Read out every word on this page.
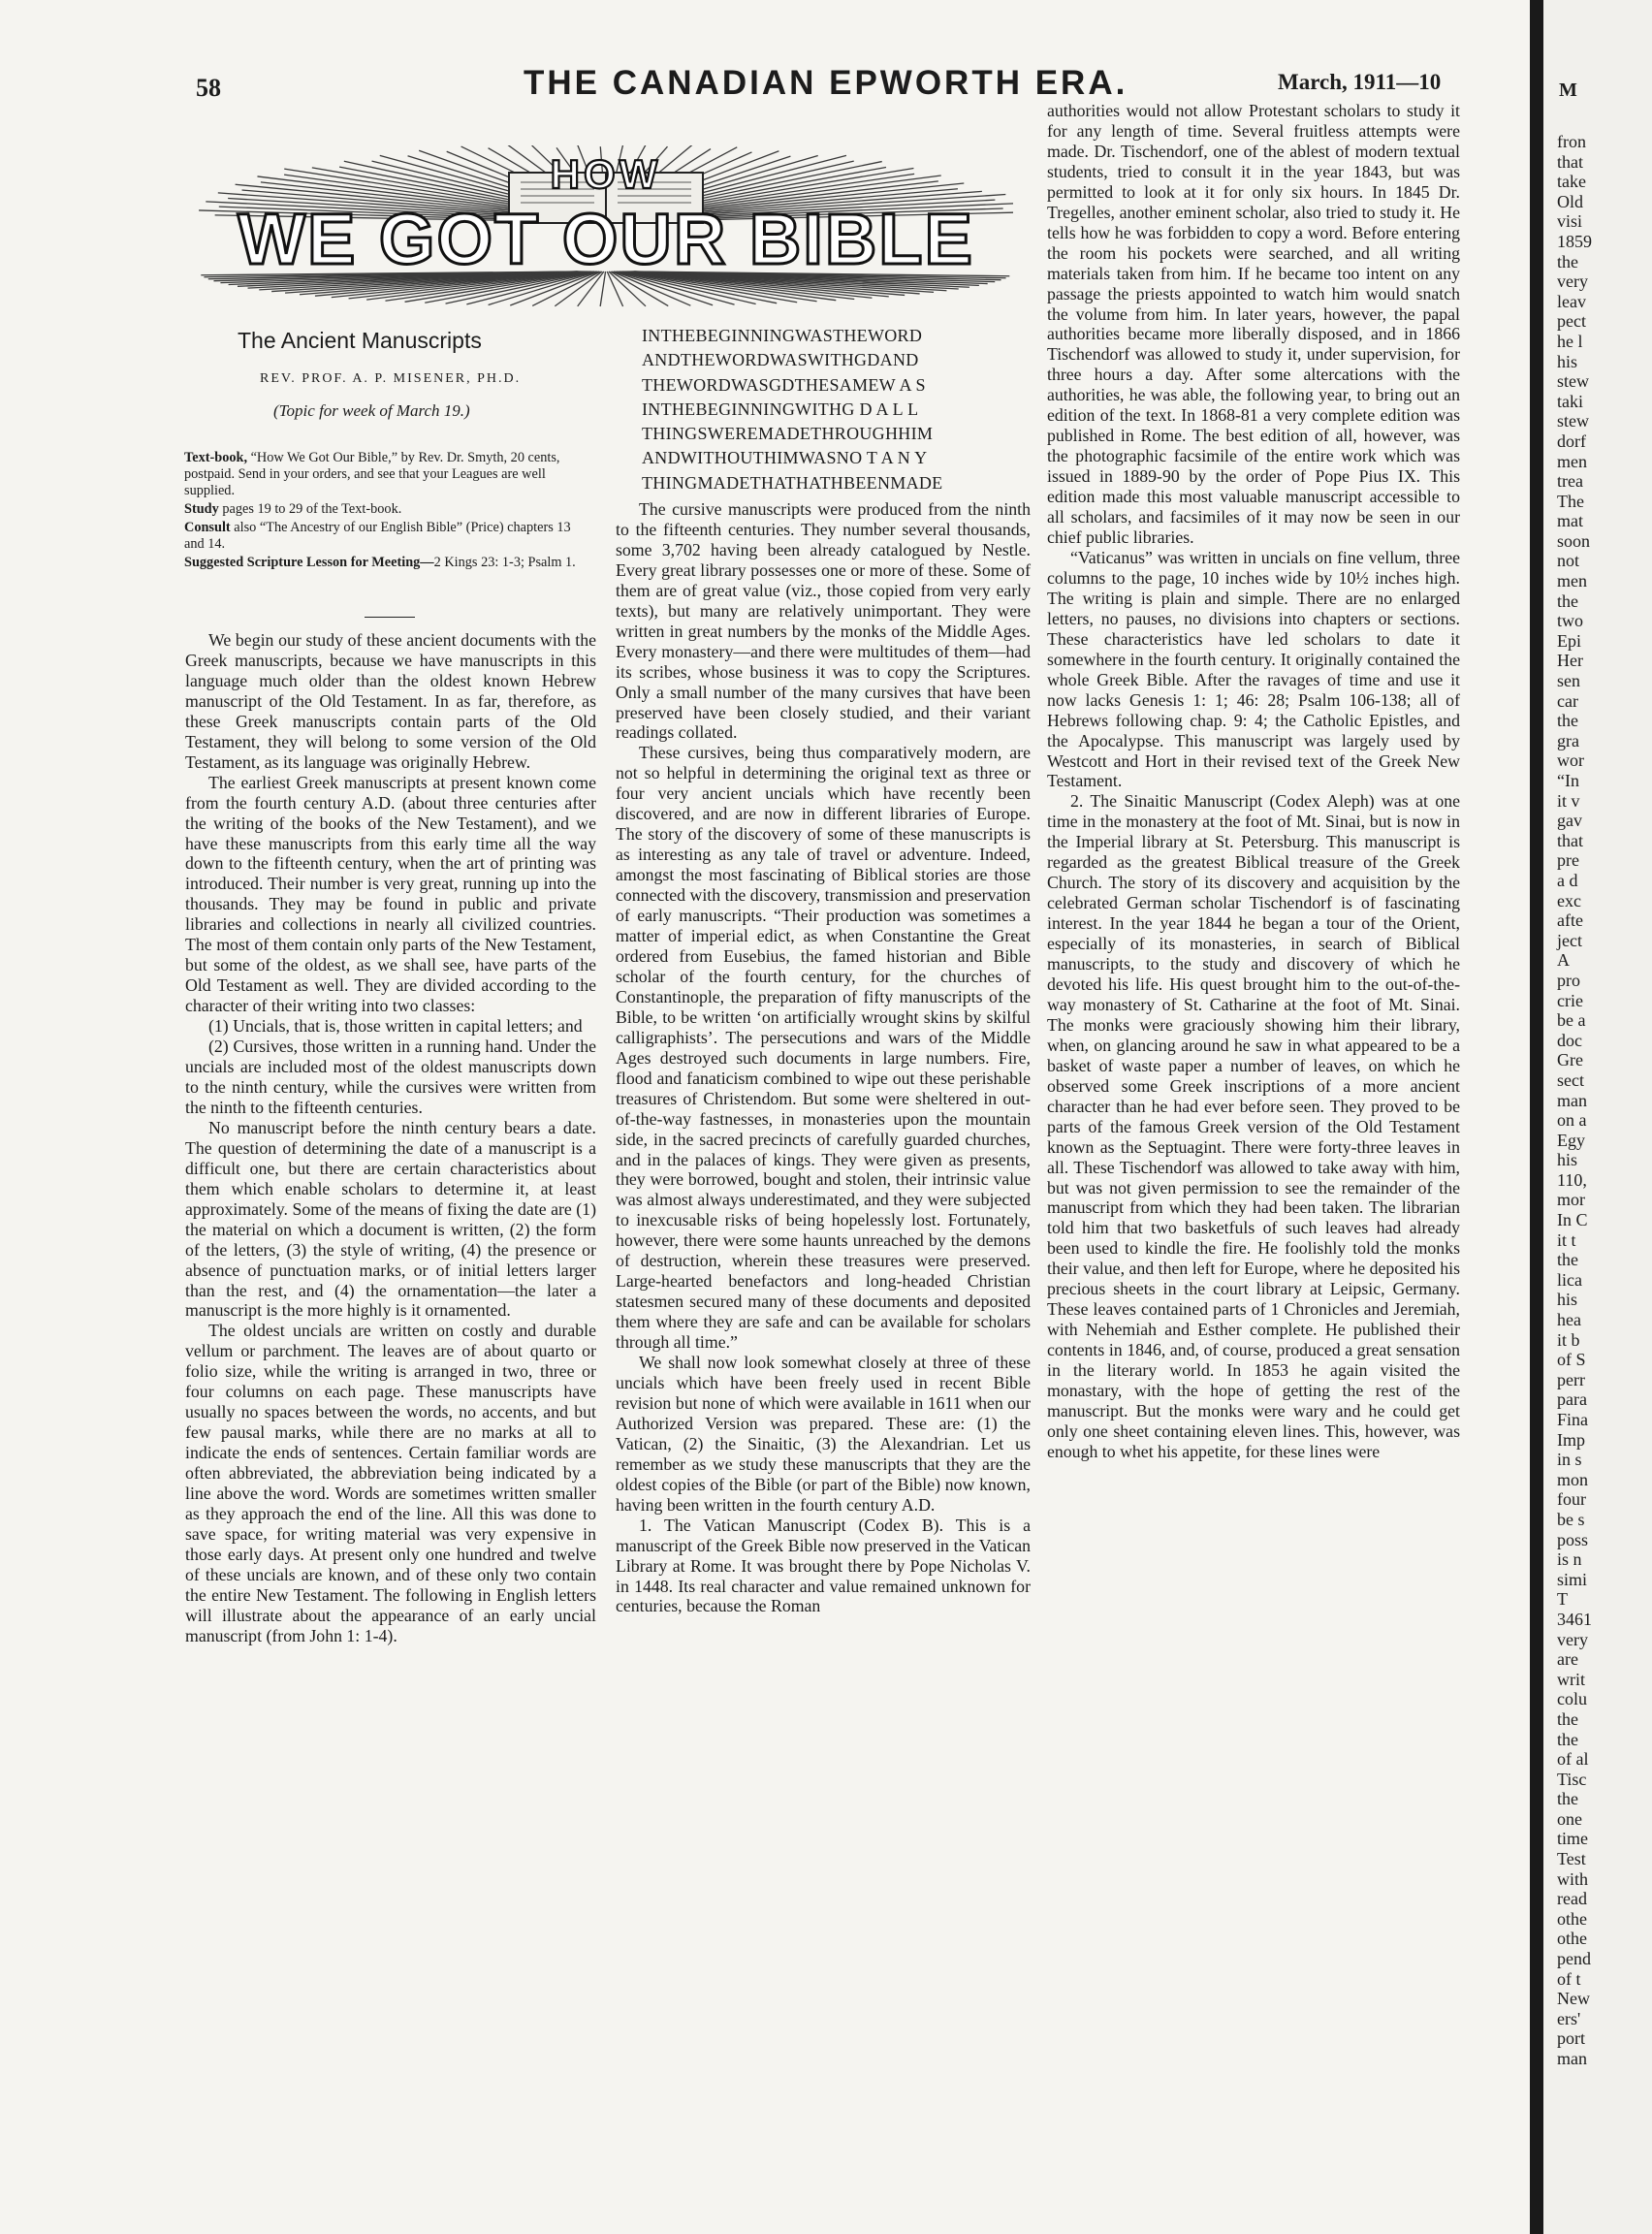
58	THE CANADIAN EPWORTH ERA.	March, 1911—10
HOW
WE GOT OUR BIBLE
The Ancient Manuscripts
REV. PROF. A. P. MISENER, PH.D.
(Topic for week of March 19.)

Text-book, “How We Got Our Bible,” by Rev. Dr. Smyth, 20 cents, postpaid. Send in your orders, and see that your Leagues are well supplied.

Study pages 19 to 29 of the Text-book.

Consult also “The Ancestry of our English Bible” (Price) chapters 13 and 14.

Suggested Scripture Lesson for Meeting—2 Kings 23: 1-3; Psalm 1.

We begin our study of these ancient documents with the Greek manuscripts, because we have manuscripts in this language much older than the oldest known Hebrew manuscript of the Old Testament. In as far, therefore, as these Greek manuscripts contain parts of the Old Testament, they will belong to some version of the Old Testament, as its language was originally Hebrew.

The earliest Greek manuscripts at present known come from the fourth century A.D. (about three centuries after the writing of the books of the New Testament), and we have these manuscripts from this early time all the way down to the fifteenth century, when the art of printing was introduced. Their number is very great, running up into the thousands. They may be found in public and private libraries and collections in nearly all civilized countries. The most of them contain only parts of the New Testament, but some of the oldest, as we shall see, have parts of the Old Testament as well. They are divided according to the character of their writing into two classes:

(1) Uncials, that is, those written in capital letters; and

(2) Cursives, those written in a running hand. Under the uncials are included most of the oldest manuscripts down to the ninth century, while the cursives were written from the ninth to the fifteenth centuries.

No manuscript before the ninth century bears a date. The question of determining the date of a manuscript is a difficult one, but there are certain characteristics about them which enable scholars to determine it, at least approximately. Some of the means of fixing the date are (1) the material on which a document is written, (2) the form of the letters, (3) the style of writing, (4) the presence or absence of punctuation marks, or of initial letters larger than the rest, and (4) the ornamentation—the later a manuscript is the more highly is it ornamented.

The oldest uncials are written on costly and durable vellum or parchment. The leaves are of about quarto or folio size, while the writing is arranged in two, three or four columns on each page. These manuscripts have usually no spaces between the words, no accents, and but few pausal marks, while there are no marks at all to indicate the ends of sentences. Certain familiar words are often abbreviated, the abbreviation being indicated by a line above the word. Words are sometimes written smaller as they approach the end of the line. All this was done to save space, for writing material was very expensive in those early days. At present only one hundred and twelve of these uncials are known, and of these only two contain the entire New Testament. The following in English letters will illustrate about the appearance of an early uncial manuscript (from John 1: 1-4).

INTHEBEGINNINGWASTHEWORD
ANDTHEWORDWASWITHGDAND
THEWORDWASGDTHESAMEW A S
INTHEBEGINNINGWITHG D A L L
THINGSWEREMADETHROUGHHIM
ANDWITHOUTHIMWASNO T A N Y
THINGMADETHATHATHBEENMADE

The cursive manuscripts were produced from the ninth to the fifteenth centuries. They number several thousands, some 3,702 having been already catalogued by Nestle. Every great library possesses one or more of these. Some of them are of great value (viz., those copied from very early texts), but many are relatively unimportant. They were written in great numbers by the monks of the Middle Ages. Every monastery—and there were multitudes of them—had its scribes, whose business it was to copy the Scriptures. Only a small number of the many cursives that have been preserved have been closely studied, and their variant readings collated.

These cursives, being thus comparatively modern, are not so helpful in determining the original text as three or four very ancient uncials which have recently been discovered, and are now in different libraries of Europe. The story of the discovery of some of these manuscripts is as interesting as any tale of travel or adventure. Indeed, amongst the most fascinating of Biblical stories are those connected with the discovery, transmission and preservation of early manuscripts. “Their production was sometimes a matter of imperial edict, as when Constantine the Great ordered from Eusebius, the famed historian and Bible scholar of the fourth century, for the churches of Constantinople, the preparation of fifty manuscripts of the Bible, to be written ‘on artificially wrought skins by skilful calligraphists’. The persecutions and wars of the Middle Ages destroyed such documents in large numbers. Fire, flood and fanaticism combined to wipe out these perishable treasures of Christendom. But some were sheltered in out-of-the-way fastnesses, in monasteries upon the mountain side, in the sacred precincts of carefully guarded churches, and in the palaces of kings. They were given as presents, they were borrowed, bought and stolen, their intrinsic value was almost always underestimated, and they were subjected to inexcusable risks of being hopelessly lost. Fortunately, however, there were some haunts unreached by the demons of destruction, wherein these treasures were preserved. Large-hearted benefactors and long-headed Christian statesmen secured many of these documents and deposited them where they are safe and can be available for scholars through all time.”

We shall now look somewhat closely at three of these uncials which have been freely used in recent Bible revision but none of which were available in 1611 when our Authorized Version was prepared. These are: (1) the Vatican, (2) the Sinaitic, (3) the Alexandrian. Let us remember as we study these manuscripts that they are the oldest copies of the Bible (or part of the Bible) now known, having been written in the fourth century A.D.

1. The Vatican Manuscript (Codex B). This is a manuscript of the Greek Bible now preserved in the Vatican Library at Rome. It was brought there by Pope Nicholas V. in 1448. Its real character and value remained unknown for centuries, because the Roman

authorities would not allow Protestant scholars to study it for any length of time. Several fruitless attempts were made. Dr. Tischendorf, one of the ablest of modern textual students, tried to consult it in the year 1843, but was permitted to look at it for only six hours. In 1845 Dr. Tregelles, another eminent scholar, also tried to study it. He tells how he was forbidden to copy a word. Before entering the room his pockets were searched, and all writing materials taken from him. If he became too intent on any passage the priests appointed to watch him would snatch the volume from him. In later years, however, the papal authorities became more liberally disposed, and in 1866 Tischendorf was allowed to study it, under supervision, for three hours a day. After some altercations with the authorities, he was able, the following year, to bring out an edition of the text. In 1868-81 a very complete edition was published in Rome. The best edition of all, however, was the photographic facsimile of the entire work which was issued in 1889-90 by the order of Pope Pius IX. This edition made this most valuable manuscript accessible to all scholars, and facsimiles of it may now be seen in our chief public libraries.

“Vaticanus” was written in uncials on fine vellum, three columns to the page, 10 inches wide by 10½ inches high. The writing is plain and simple. There are no enlarged letters, no pauses, no divisions into chapters or sections. These characteristics have led scholars to date it somewhere in the fourth century. It originally contained the whole Greek Bible. After the ravages of time and use it now lacks Genesis 1: 1; 46: 28; Psalm 106-138; all of Hebrews following chap. 9: 4; the Catholic Epistles, and the Apocalypse. This manuscript was largely used by Westcott and Hort in their revised text of the Greek New Testament.

2. The Sinaitic Manuscript (Codex Aleph) was at one time in the monastery at the foot of Mt. Sinai, but is now in the Imperial library at St. Petersburg. This manuscript is regarded as the greatest Biblical treasure of the Greek Church. The story of its discovery and acquisition by the celebrated German scholar Tischendorf is of fascinating interest. In the year 1844 he began a tour of the Orient, especially of its monasteries, in search of Biblical manuscripts, to the study and discovery of which he devoted his life. His quest brought him to the out-of-the-way monastery of St. Catharine at the foot of Mt. Sinai. The monks were graciously showing him their library, when, on glancing around he saw in what appeared to be a basket of waste paper a number of leaves, on which he observed some Greek inscriptions of a more ancient character than he had ever before seen. They proved to be parts of the famous Greek version of the Old Testament known as the Septuagint. There were forty-three leaves in all. These Tischendorf was allowed to take away with him, but was not given permission to see the remainder of the manuscript from which they had been taken. The librarian told him that two basketfuls of such leaves had already been used to kindle the fire. He foolishly told the monks their value, and then left for Europe, where he deposited his precious sheets in the court library at Leipsic, Germany. These leaves contained parts of 1 Chronicles and Jeremiah, with Nehemiah and Esther complete. He published their contents in 1846, and, of course, produced a great sensation in the literary world. In 1853 he again visited the monastary, with the hope of getting the rest of the manuscript. But the monks were wary and he could get only one sheet containing eleven lines. This, however, was enough to whet his appetite, for these lines were

M
fron
that
take
Old
visi
1859
the
very
leav
pect
he l
his
stew
taki
stew
dorf
men
trea
The
mat
soon
not
men
the
two
Epi
Her
sen
car
the
gra
wor
“In
it v
gav
that
pre
a d
exc
afte
ject
A
pro
crie
be a
doc
Gre
sect
man
on a
Egy
his
110,
mor
In C
it t
the
lica
his
hea
it b
of S
perr
para
Fina
Imp
in s
mon
four
be s
poss
is n
simi
T
3461
very
are
writ
colu
the
the
of al
Tisc
the
one
time
Test
with
read
othe
othe
pend
of t
New
ers'
port
man
